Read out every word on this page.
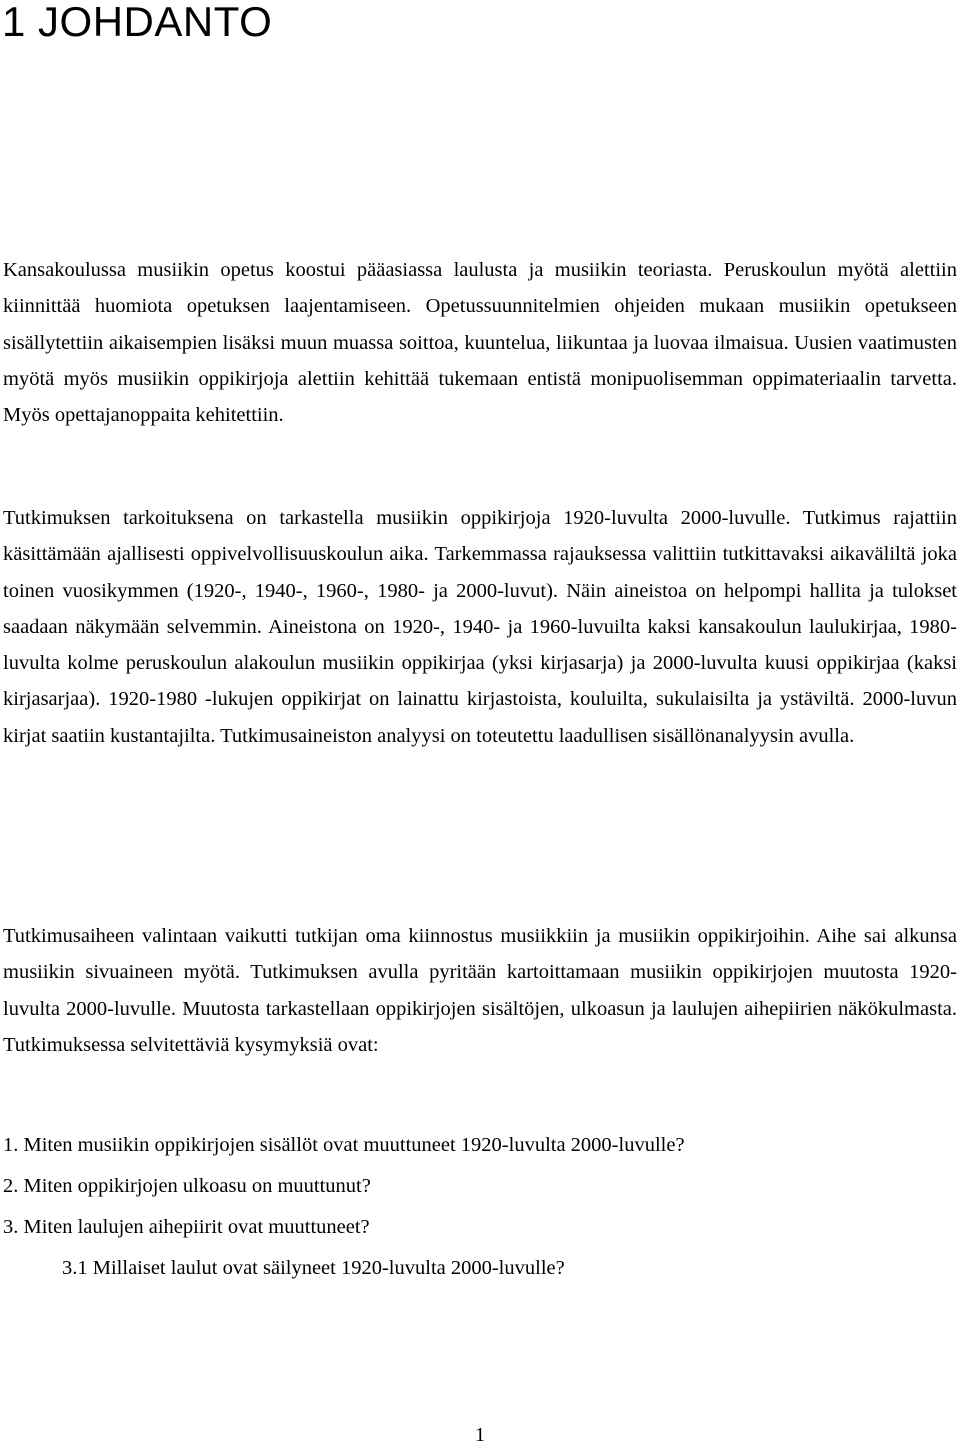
1 JOHDANTO

Kansakoulussa musiikin opetus koostui pääasiassa laulusta ja musiikin teoriasta. Peruskoulun myötä alettiin kiinnittää huomiota opetuksen laajentamiseen. Opetussuunnitelmien ohjeiden mukaan musiikin opetukseen sisällytettiin aikaisempien lisäksi muun muassa soittoa, kuuntelua, liikuntaa ja luovaa ilmaisua. Uusien vaatimusten myötä myös musiikin oppikirjoja alettiin kehittää tukemaan entistä monipuolisemman oppimateriaalin tarvetta. Myös opettajanoppaita kehitettiin.

Tutkimuksen tarkoituksena on tarkastella musiikin oppikirjoja 1920-luvulta 2000-luvulle. Tutkimus rajattiin käsittämään ajallisesti oppivelvollisuuskoulun aika. Tarkemmassa rajauksessa valittiin tutkittavaksi aikaväliltä joka toinen vuosikymmen (1920-, 1940-, 1960-, 1980- ja 2000-luvut). Näin aineistoa on helpompi hallita ja tulokset saadaan näkymään selvemmin. Aineistona on 1920-, 1940- ja 1960-luvuilta kaksi kansakoulun laulukirjaa, 1980-luvulta kolme peruskoulun alakoulun musiikin oppikirjaa (yksi kirjasarja) ja 2000-luvulta kuusi oppikirjaa (kaksi kirjasarjaa). 1920-1980 -lukujen oppikirjat on lainattu kirjastoista, kouluilta, sukulaisilta ja ystäviltä. 2000-luvun kirjat saatiin kustantajilta. Tutkimusaineiston analyysi on toteutettu laadullisen sisällönanalyysin avulla.

Tutkimusaiheen valintaan vaikutti tutkijan oma kiinnostus musiikkiin ja musiikin oppikirjoihin. Aihe sai alkunsa musiikin sivuaineen myötä. Tutkimuksen avulla pyritään kartoittamaan musiikin oppikirjojen muutosta 1920-luvulta 2000-luvulle. Muutosta tarkastellaan oppikirjojen sisältöjen, ulkoasun ja laulujen aihepiirien näkökulmasta. Tutkimuksessa selvitettäviä kysymyksiä ovat:

1. Miten musiikin oppikirjojen sisällöt ovat muuttuneet 1920-luvulta 2000-luvulle?
2. Miten oppikirjojen ulkoasu on muuttunut?
3. Miten laulujen aihepiirit ovat muuttuneet?
3.1 Millaiset laulut ovat säilyneet 1920-luvulta 2000-luvulle?
1
